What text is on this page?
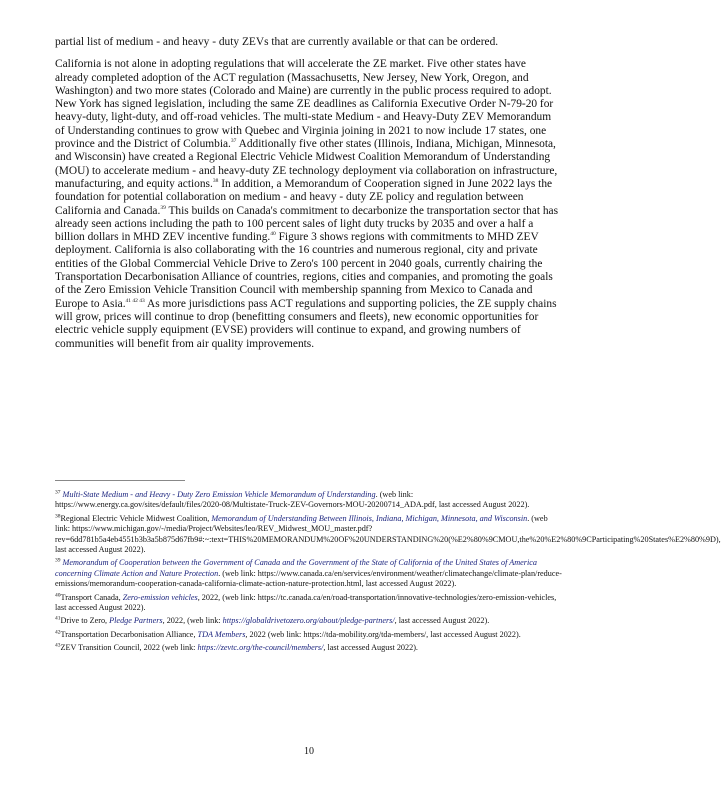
partial list of medium - and heavy - duty ZEVs that are currently available or that can be ordered.

California is not alone in adopting regulations that will accelerate the ZE market. Five other states have already completed adoption of the ACT regulation (Massachusetts, New Jersey, New York, Oregon, and Washington) and two more states (Colorado and Maine) are currently in the public process required to adopt. New York has signed legislation, including the same ZE deadlines as California Executive Order N-79-20 for heavy-duty, light-duty, and off-road vehicles. The multi-state Medium - and Heavy-Duty ZEV Memorandum of Understanding continues to grow with Quebec and Virginia joining in 2021 to now include 17 states, one province and the District of Columbia.$^{37}$ Additionally five other states (Illinois, Indiana, Michigan, Minnesota, and Wisconsin) have created a Regional Electric Vehicle Midwest Coalition Memorandum of Understanding (MOU) to accelerate medium - and heavy-duty ZE technology deployment via collaboration on infrastructure, manufacturing, and equity actions.$^{38}$ In addition, a Memorandum of Cooperation signed in June 2022 lays the foundation for potential collaboration on medium - and heavy - duty ZE policy and regulation between California and Canada.$^{39}$ This builds on Canada's commitment to decarbonize the transportation sector that has already seen actions including the path to 100 percent sales of light duty trucks by 2035 and over a half a billion dollars in MHD ZEV incentive funding.$^{40}$ Figure 3 shows regions with commitments to MHD ZEV deployment. California is also collaborating with the 16 countries and numerous regional, city and private entities of the Global Commercial Vehicle Drive to Zero's 100 percent in 2040 goals, currently chairing the Transportation Decarbonisation Alliance of countries, regions, cities and companies, and promoting the goals of the Zero Emission Vehicle Transition Council with membership spanning from Mexico to Canada and Europe to Asia.$^{41 42 43}$ As more jurisdictions pass ACT regulations and supporting policies, the ZE supply chains will grow, prices will continue to drop (benefitting consumers and fleets), new economic opportunities for electric vehicle supply equipment (EVSE) providers will continue to expand, and growing numbers of communities will benefit from air quality improvements.

$^{37}$ Multi-State Medium - and Heavy - Duty Zero Emission Vehicle Memorandum of Understanding. (web link: https://www.energy.ca.gov/sites/default/files/2020-08/Multistate-Truck-ZEV-Governors-MOU-20200714_ADA.pdf, last accessed August 2022).

$^{38}$Regional Electric Vehicle Midwest Coalition, Memorandum of Understanding Between Illinois, Indiana, Michigan, Minnesota, and Wisconsin. (web link: https://www.michigan.gov/-/media/Project/Websites/leo/REV_Midwest_MOU_master.pdf?rev=6dd781b5a4eb4551b3b3a5b875d67fb9#:~:text=THIS%20MEMORANDUM%20OF%20UNDERSTANDING%20(%E2%80%9CMOU,the%20%E2%80%9CParticipating%20States%E2%80%9D), last accessed August 2022).

$^{39}$ Memorandum of Cooperation between the Government of Canada and the Government of the State of California of the United States of America concerning Climate Action and Nature Protection. (web link: https://www.canada.ca/en/services/environment/weather/climatechange/climate-plan/reduce-emissions/memorandum-cooperation-canada-california-climate-action-nature-protection.html, last accessed August 2022).

$^{40}$Transport Canada, Zero-emission vehicles, 2022, (web link: https://tc.canada.ca/en/road-transportation/innovative-technologies/zero-emission-vehicles, last accessed August 2022).

$^{41}$Drive to Zero, Pledge Partners, 2022, (web link: https://globaldrivetozero.org/about/pledge-partners/, last accessed August 2022).

$^{42}$Transportation Decarbonisation Alliance, TDA Members, 2022 (web link: https://tda-mobility.org/tda-members/, last accessed August 2022).

$^{43}$ZEV Transition Council, 2022 (web link: https://zevtc.org/the-council/members/, last accessed August 2022).

10
